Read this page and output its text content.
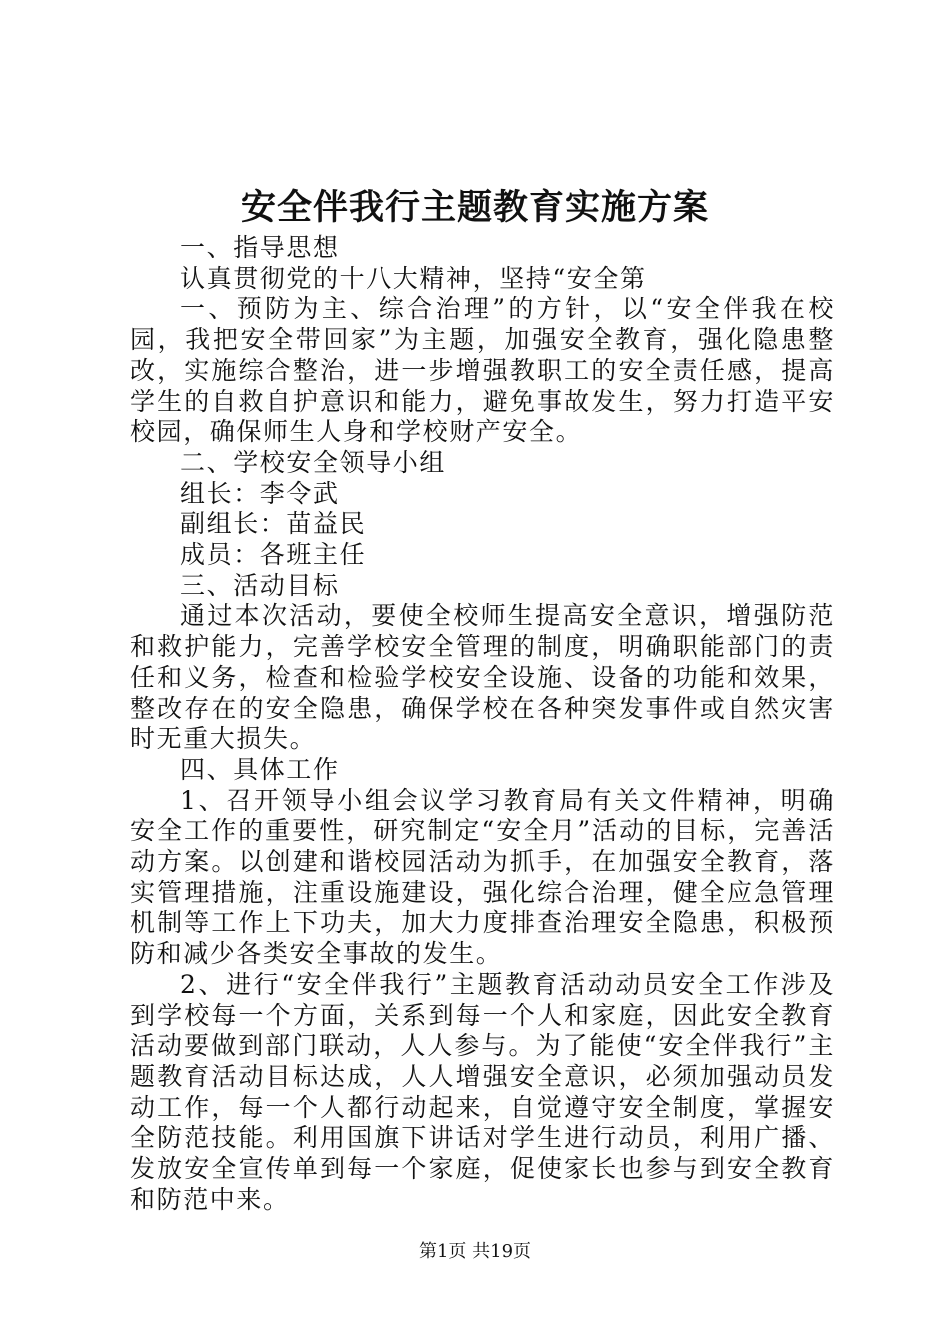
安全伴我行主题教育实施方案

一、指导思想

认真贯彻党的十八大精神，坚持“安全第

一、预防为主、综合治理”的方针，以“安全伴我在校园，我把安全带回家”为主题，加强安全教育，强化隐患整改，实施综合整治，进一步增强教职工的安全责任感，提高学生的自救自护意识和能力，避免事故发生，努力打造平安校园，确保师生人身和学校财产安全。

二、学校安全领导小组

组长：李令武

副组长：苗益民

成员：各班主任

三、活动目标

通过本次活动，要使全校师生提高安全意识，增强防范和救护能力，完善学校安全管理的制度，明确职能部门的责任和义务，检查和检验学校安全设施、设备的功能和效果，整改存在的安全隐患，确保学校在各种突发事件或自然灾害时无重大损失。

四、具体工作

1、召开领导小组会议学习教育局有关文件精神，明确安全工作的重要性，研究制定“安全月”活动的目标，完善活动方案。以创建和谐校园活动为抓手，在加强安全教育，落实管理措施，注重设施建设，强化综合治理，健全应急管理机制等工作上下功夫，加大力度排查治理安全隐患，积极预防和减少各类安全事故的发生。

2、进行“安全伴我行”主题教育活动动员安全工作涉及到学校每一个方面，关系到每一个人和家庭，因此安全教育活动要做到部门联动，人人参与。为了能使“安全伴我行”主题教育活动目标达成，人人增强安全意识，必须加强动员发动工作，每一个人都行动起来，自觉遵守安全制度，掌握安全防范技能。利用国旗下讲话对学生进行动员，利用广播、发放安全宣传单到每一个家庭，促使家长也参与到安全教育和防范中来。

第1页 共19页
